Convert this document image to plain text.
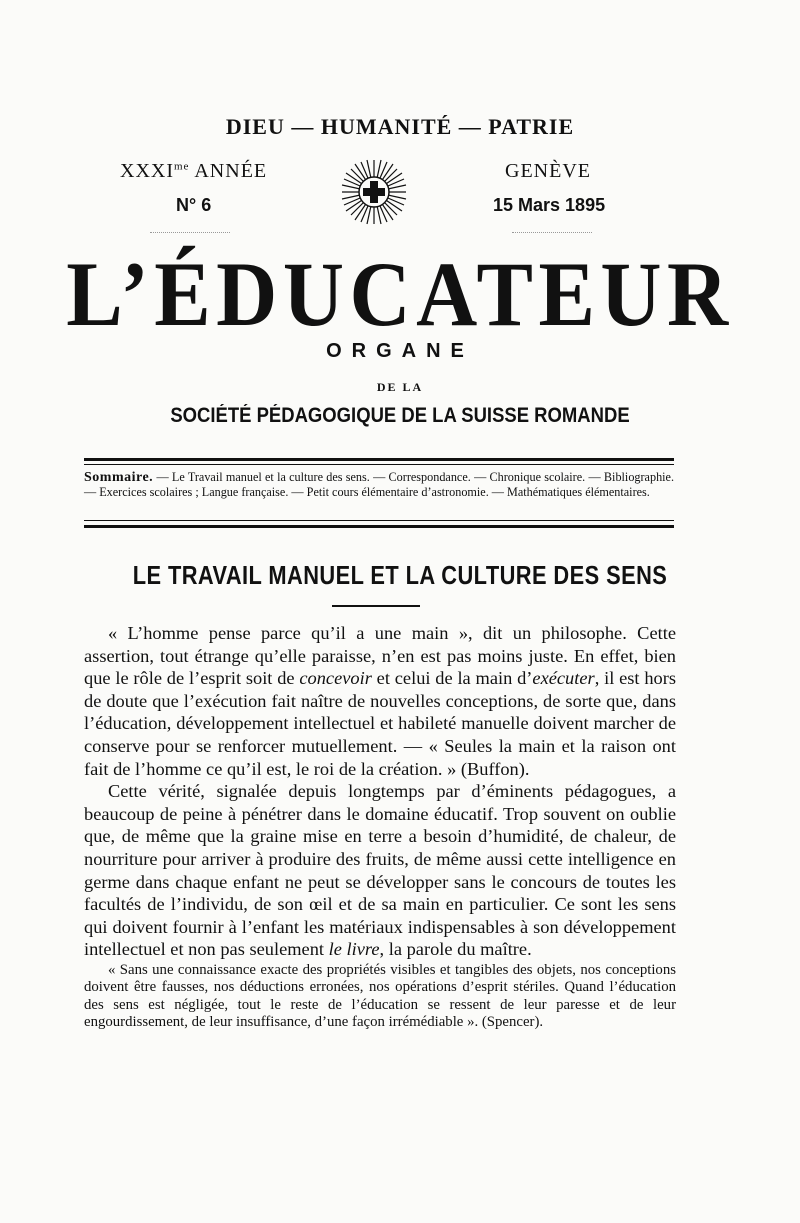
DIEU — HUMANITÉ — PATRIE
$XXXI^{me}$ ANNÉE
N° 6
GENÈVE
15 Mars 1895
L’ÉDUCATEUR
ORGANE
DE LA
SOCIÉTÉ PÉDAGOGIQUE DE LA SUISSE ROMANDE
Sommaire. — Le Travail manuel et la culture des sens. — Correspondance. — Chronique scolaire. — Bibliographie. — Exercices scolaires ; Langue française. — Petit cours élémentaire d’astronomie. — Mathématiques élémentaires.
LE TRAVAIL MANUEL ET LA CULTURE DES SENS

« L’homme pense parce qu’il a une main », dit un philosophe. Cette assertion, tout étrange qu’elle paraisse, n’en est pas moins juste. En effet, bien que le rôle de l’esprit soit de concevoir et celui de la main d’exécuter, il est hors de doute que l’exécution fait naître de nouvelles conceptions, de sorte que, dans l’éducation, développement intellectuel et habileté manuelle doivent marcher de conserve pour se renforcer mutuellement. — « Seules la main et la raison ont fait de l’homme ce qu’il est, le roi de la création. » (Buffon).

Cette vérité, signalée depuis longtemps par d’éminents pédagogues, a beaucoup de peine à pénétrer dans le domaine éducatif. Trop souvent on oublie que, de même que la graine mise en terre a besoin d’humidité, de chaleur, de nourriture pour arriver à produire des fruits, de même aussi cette intelligence en germe dans chaque enfant ne peut se développer sans le concours de toutes les facultés de l’individu, de son œil et de sa main en particulier. Ce sont les sens qui doivent fournir à l’enfant les matériaux indispensables à son développement intellectuel et non pas seulement le livre, la parole du maître.

« Sans une connaissance exacte des propriétés visibles et tangibles des objets, nos conceptions doivent être fausses, nos déductions erronées, nos opérations d’esprit stériles. Quand l’éducation des sens est négligée, tout le reste de l’éducation se ressent de leur paresse et de leur engourdissement, de leur insuffisance, d’une façon irrémédiable ». (Spencer).
